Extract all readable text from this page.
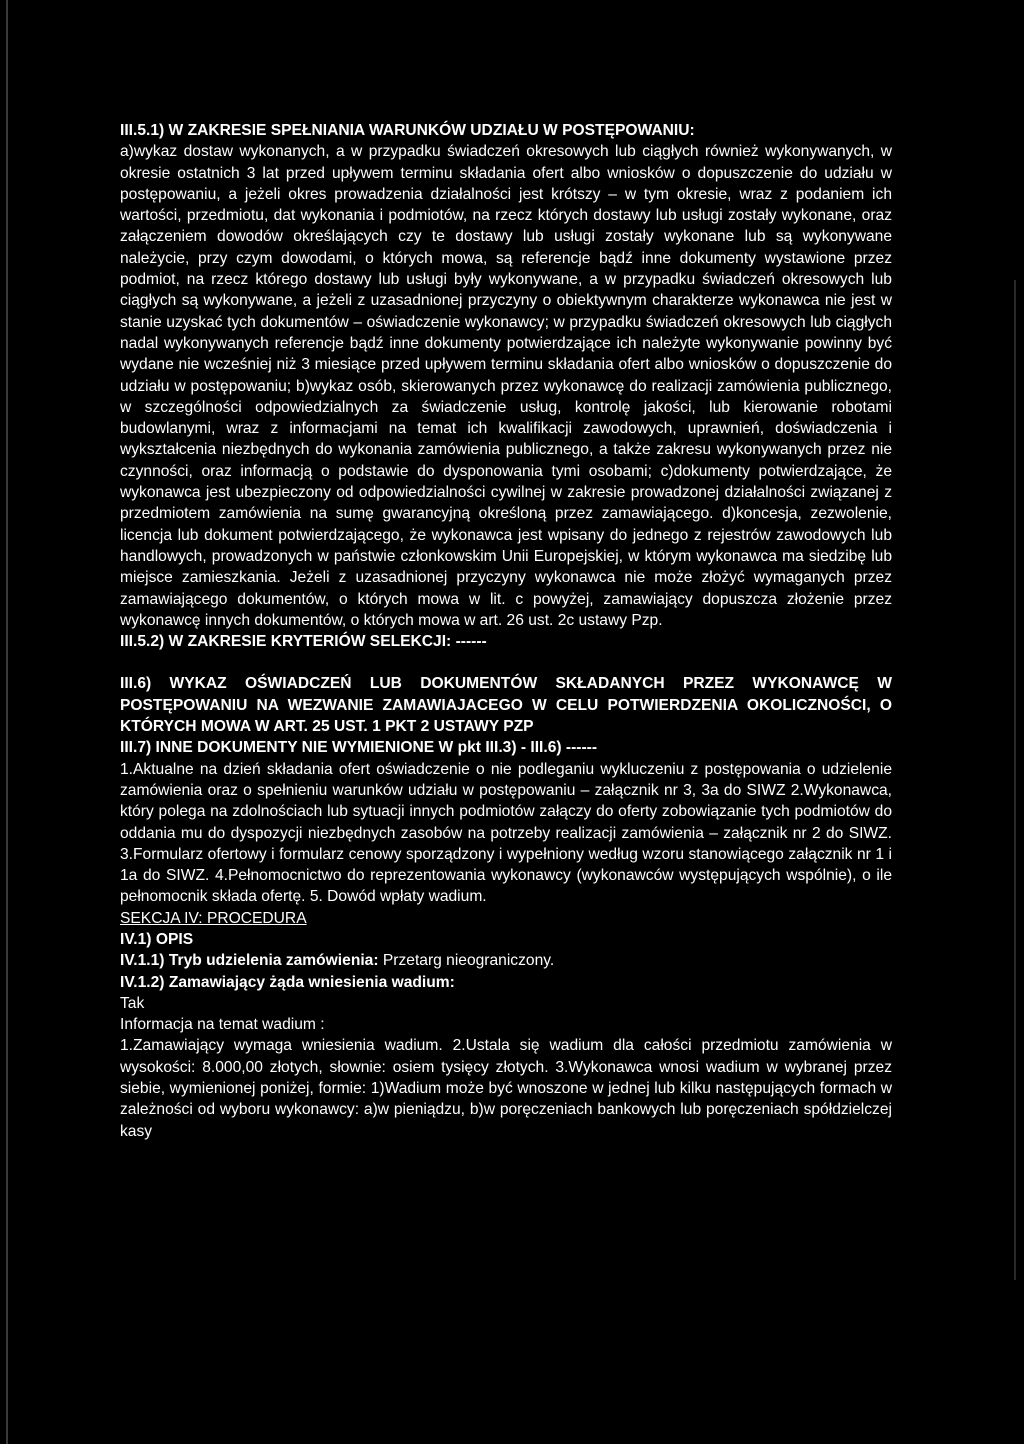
III.5.1) W ZAKRESIE SPEŁNIANIA WARUNKÓW UDZIAŁU W POSTĘPOWANIU:

a)wykaz dostaw wykonanych, a w przypadku świadczeń okresowych lub ciągłych również wykonywanych, w okresie ostatnich 3 lat przed upływem terminu składania ofert albo wniosków o dopuszczenie do udziału w postępowaniu, a jeżeli okres prowadzenia działalności jest krótszy – w tym okresie, wraz z podaniem ich wartości, przedmiotu, dat wykonania i podmiotów, na rzecz których dostawy lub usługi zostały wykonane, oraz załączeniem dowodów określających czy te dostawy lub usługi zostały wykonane lub są wykonywane należycie, przy czym dowodami, o których mowa, są referencje bądź inne dokumenty wystawione przez podmiot, na rzecz którego dostawy lub usługi były wykonywane, a w przypadku świadczeń okresowych lub ciągłych są wykonywane, a jeżeli z uzasadnionej przyczyny o obiektywnym charakterze wykonawca nie jest w stanie uzyskać tych dokumentów – oświadczenie wykonawcy; w przypadku świadczeń okresowych lub ciągłych nadal wykonywanych referencje bądź inne dokumenty potwierdzające ich należyte wykonywanie powinny być wydane nie wcześniej niż 3 miesiące przed upływem terminu składania ofert albo wniosków o dopuszczenie do udziału w postępowaniu; b)wykaz osób, skierowanych przez wykonawcę do realizacji zamówienia publicznego, w szczególności odpowiedzialnych za świadczenie usług, kontrolę jakości, lub kierowanie robotami budowlanymi, wraz z informacjami na temat ich kwalifikacji zawodowych, uprawnień, doświadczenia i wykształcenia niezbędnych do wykonania zamówienia publicznego, a także zakresu wykonywanych przez nie czynności, oraz informacją o podstawie do dysponowania tymi osobami; c)dokumenty potwierdzające, że wykonawca jest ubezpieczony od odpowiedzialności cywilnej w zakresie prowadzonej działalności związanej z przedmiotem zamówienia na sumę gwarancyjną określoną przez zamawiającego. d)koncesja, zezwolenie, licencja lub dokument potwierdzającego, że wykonawca jest wpisany do jednego z rejestrów zawodowych lub handlowych, prowadzonych w państwie członkowskim Unii Europejskiej, w którym wykonawca ma siedzibę lub miejsce zamieszkania. Jeżeli z uzasadnionej przyczyny wykonawca nie może złożyć wymaganych przez zamawiającego dokumentów, o których mowa w lit. c powyżej, zamawiający dopuszcza złożenie przez wykonawcę innych dokumentów, o których mowa w art. 26 ust. 2c ustawy Pzp.

III.5.2) W ZAKRESIE KRYTERIÓW SELEKCJI: ------

III.6) WYKAZ OŚWIADCZEŃ LUB DOKUMENTÓW SKŁADANYCH PRZEZ WYKONAWCĘ W POSTĘPOWANIU NA WEZWANIE ZAMAWIAJACEGO W CELU POTWIERDZENIA OKOLICZNOŚCI, O KTÓRYCH MOWA W ART. 25 UST. 1 PKT 2 USTAWY PZP

III.7) INNE DOKUMENTY NIE WYMIENIONE W pkt III.3) - III.6) ------

1.Aktualne na dzień składania ofert oświadczenie o nie podleganiu wykluczeniu z postępowania o udzielenie zamówienia oraz o spełnieniu warunków udziału w postępowaniu – załącznik nr 3, 3a do SIWZ 2.Wykonawca, który polega na zdolnościach lub sytuacji innych podmiotów załączy do oferty zobowiązanie tych podmiotów do oddania mu do dyspozycji niezbędnych zasobów na potrzeby realizacji zamówienia – załącznik nr 2 do SIWZ. 3.Formularz ofertowy i formularz cenowy sporządzony i wypełniony według wzoru stanowiącego załącznik nr 1 i 1a do SIWZ. 4.Pełnomocnictwo do reprezentowania wykonawcy (wykonawców występujących wspólnie), o ile pełnomocnik składa ofertę. 5. Dowód wpłaty wadium.

SEKCJA IV: PROCEDURA

IV.1) OPIS

IV.1.1) Tryb udzielenia zamówienia: Przetarg nieograniczony.

IV.1.2) Zamawiający żąda wniesienia wadium:

Tak

Informacja na temat wadium :

1.Zamawiający wymaga wniesienia wadium. 2.Ustala się wadium dla całości przedmiotu zamówienia w wysokości: 8.000,00 złotych, słownie: osiem tysięcy złotych. 3.Wykonawca wnosi wadium w wybranej przez siebie, wymienionej poniżej, formie: 1)Wadium może być wnoszone w jednej lub kilku następujących formach w zależności od wyboru wykonawcy: a)w pieniądzu, b)w poręczeniach bankowych lub poręczeniach spółdzielczej kasy
